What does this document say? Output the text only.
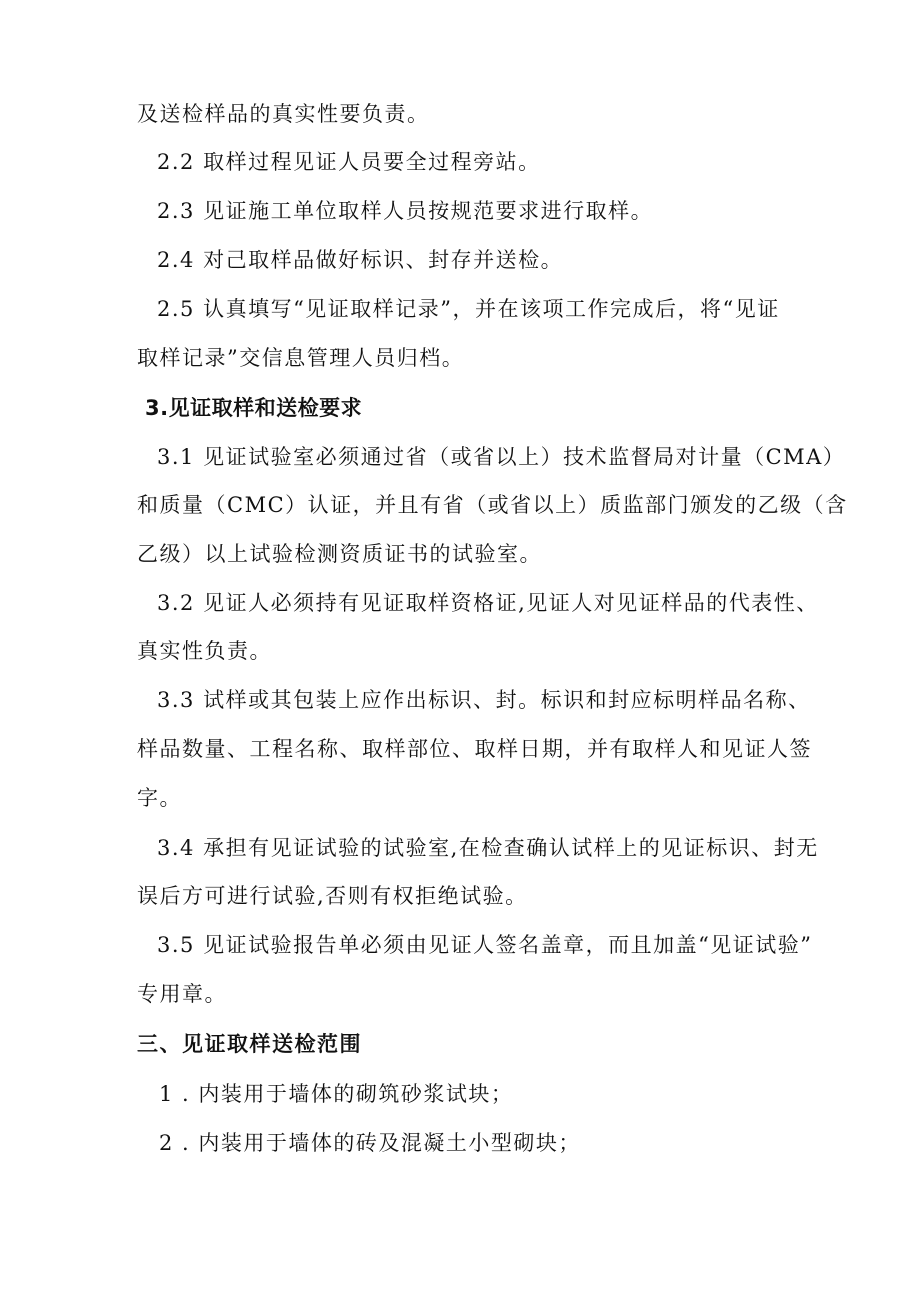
及送检样品的真实性要负责。
2.2 取样过程见证人员要全过程旁站。
2.3 见证施工单位取样人员按规范要求进行取样。
2.4 对己取样品做好标识、封存并送检。
2.5 认真填写“见证取样记录”，并在该项工作完成后，将“见证
取样记录”交信息管理人员归档。
3.见证取样和送检要求
3.1 见证试验室必须通过省（或省以上）技术监督局对计量（CMA）
和质量（CMC）认证，并且有省（或省以上）质监部门颁发的乙级（含
乙级）以上试验检测资质证书的试验室。
3.2 见证人必须持有见证取样资格证,见证人对见证样品的代表性、
真实性负责。
3.3 试样或其包装上应作出标识、封。标识和封应标明样品名称、
样品数量、工程名称、取样部位、取样日期，并有取样人和见证人签
字。
3.4 承担有见证试验的试验室,在检查确认试样上的见证标识、封无
误后方可进行试验,否则有权拒绝试验。
3.5 见证试验报告单必须由见证人签名盖章，而且加盖“见证试验”
专用章。
三、见证取样送检范围
1 . 内装用于墙体的砌筑砂浆试块；
2 . 内装用于墙体的砖及混凝土小型砌块；
